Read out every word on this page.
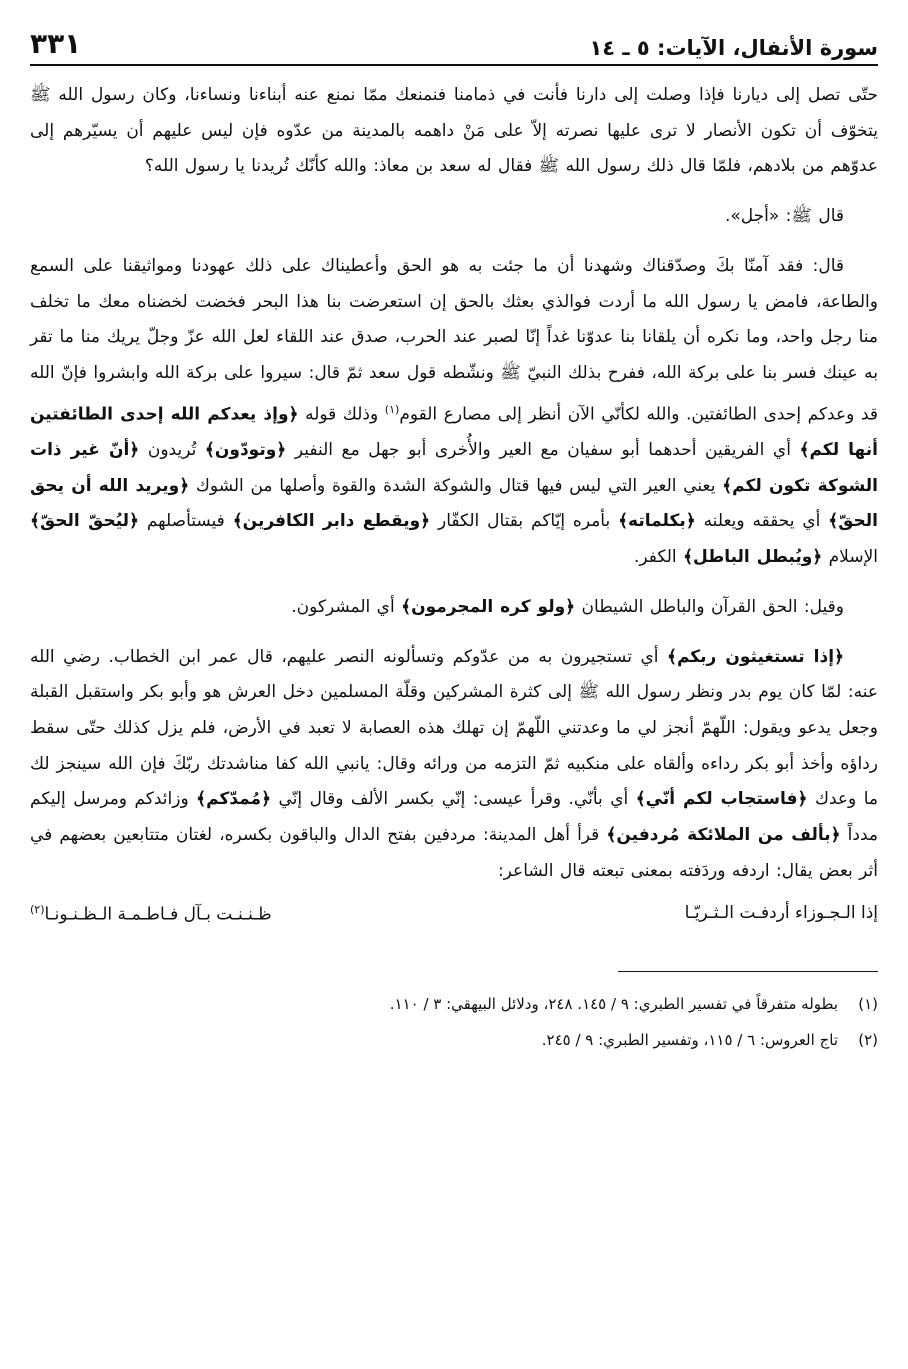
سورة الأنفال، الآيات: ٥ ـ ١٤
٣٣١

حتّى تصل إلى ديارنا فإذا وصلت إلى دارنا فأنت في ذمامنا فنمنعك ممّا نمنع عنه أبناءنا ونساءنا، وكان رسول الله ﷺ يتخوّف أن تكون الأنصار لا ترى عليها نصرته إلاّ على مَنْ داهمه بالمدينة من عدّوه فإن ليس عليهم أن يسيّرهم إلى عدوّهم من بلادهم، فلمّا قال ذلك رسول الله ﷺ فقال له سعد بن معاذ: والله كأنّك تُريدنا يا رسول الله؟

قال ﷺ: «أجل».

قال: فقد آمنّا بكَ وصدّقناك وشهدنا أن ما جئت به هو الحق وأعطيناك على ذلك عهودنا ومواثيقنا على السمع والطاعة، فامض يا رسول الله ما أردت فوالذي بعثك بالحق إن استعرضت بنا هذا البحر فخضت لخضناه معك ما تخلف منا رجل واحد، وما نكره أن يلقانا بنا عدوّنا غداً إنّا لصبر عند الحرب، صدق عند اللقاء لعل الله عزّ وجلّ يريك منا ما تقر به عينك فسر بنا على بركة الله، ففرح بذلك النبيّ ﷺ ونشّطه قول سعد ثمّ قال: سيروا على بركة الله وابشروا فإنّ الله قد وعدكم إحدى الطائفتين. والله لكأنّي الآن أنظر إلى مصارع القوم$^{(١)}$ وذلك قوله ﴿وإذ يعدكم الله إحدى الطائفتين أنها لكم﴾ أي الفريقين أحدهما أبو سفيان مع العير والأُخرى أبو جهل مع النفير ﴿وتودّون﴾ تُريدون ﴿أنّ غير ذات الشوكة تكون لكم﴾ يعني العير التي ليس فيها قتال والشوكة الشدة والقوة وأصلها من الشوك ﴿ويريد الله أن يحق الحقّ﴾ أي يحققه ويعلنه ﴿بكلماته﴾ بأمره إيّاكم بقتال الكفّار ﴿ويقطع دابر الكافرين﴾ فيستأصلهم ﴿ليُحقّ الحقّ﴾ الإسلام ﴿ويُبطل الباطل﴾ الكفر.

وقيل: الحق القرآن والباطل الشيطان ﴿ولو كره المجرمون﴾ أي المشركون.

﴿إذا تستغيثون ربكم﴾ أي تستجيرون به من عدّوكم وتسألونه النصر عليهم، قال عمر ابن الخطاب. رضي الله عنه: لمّا كان يوم بدر ونظر رسول الله ﷺ إلى كثرة المشركين وقلّة المسلمين دخل العرش هو وأبو بكر واستقبل القبلة وجعل يدعو ويقول: اللّهمّ أنجز لي ما وعدتني اللّهمّ إن تهلك هذه العصابة لا تعبد في الأرض، فلم يزل كذلك حتّى سقط رداؤه وأخذ أبو بكر رداءه وألقاه على منكبيه ثمّ التزمه من ورائه وقال: يانبي الله كفا مناشدتك ربّكَ فإن الله سينجز لك ما وعدك ﴿فاستجاب لكم أنّي﴾ أي بأنّي. وقرأ عيسى: إنّي بكسر الألف وقال إنّي ﴿مُمدّكم﴾ وزائدكم ومرسل إليكم مدداً ﴿بألف من الملائكة مُردفين﴾ قرأ أهل المدينة: مردفين بفتح الدال والباقون بكسره، لغتان متتابعين بعضهم في أثر بعض يقال: اردفه وردَفته بمعنى تبعته قال الشاعر:

إذا الـجـوزاء أردفـت الـثـريّـا
ظـنـنـت بـآل فـاطـمـة الـظـنـونـا$^{(٢)}$

(١)بطوله متفرقاً في تفسير الطبري: ٩ / ١٤٥. ٢٤٨، ودلائل البيهقي: ٣ / ١١٠.

(٢)تاج العروس: ٦ / ١١٥، وتفسير الطبري: ٩ / ٢٤٥.
